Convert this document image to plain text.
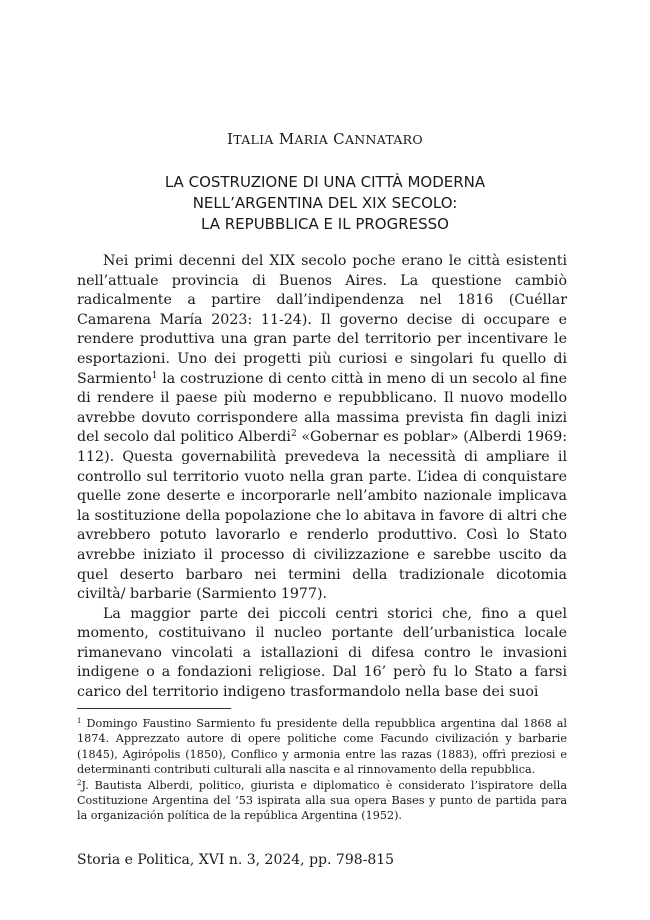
ITALIA MARIA CANNATARO
LA COSTRUZIONE DI UNA CITTÀ MODERNA
NELL’ARGENTINA DEL XIX SECOLO:
LA REPUBBLICA E IL PROGRESSO

Nei primi decenni del XIX secolo poche erano le città esistenti nell’attuale provincia di Buenos Aires. La questione cambiò radicalmente a partire dall’indipendenza nel 1816 (Cuéllar Camarena María 2023: 11-24). Il governo decise di occupare e rendere produttiva una gran parte del territorio per incentivare le esportazioni. Uno dei progetti più curiosi e singolari fu quello di Sarmiento$^1$ la costruzione di cento città in meno di un secolo al fine di rendere il paese più moderno e repubblicano. Il nuovo modello avrebbe dovuto corrispondere alla massima prevista fin dagli inizi del secolo dal politico Alberdi$^2$ «Gobernar es poblar» (Alberdi 1969: 112). Questa governabilità prevedeva la necessità di ampliare il controllo sul territorio vuoto nella gran parte. L’idea di conquistare quelle zone deserte e incorporarle nell’ambito nazionale implicava la sostituzione della popolazione che lo abitava in favore di altri che avrebbero potuto lavorarlo e renderlo produttivo. Così lo Stato avrebbe iniziato il processo di civilizzazione e sarebbe uscito da quel deserto barbaro nei termini della tradizionale dicotomia civiltà/ barbarie (Sarmiento 1977).

La maggior parte dei piccoli centri storici che, fino a quel momento, costituivano il nucleo portante dell’urbanistica locale rimanevano vincolati a istallazioni di difesa contro le invasioni indigene o a fondazioni religiose. Dal 16’ però fu lo Stato a farsi carico del territorio indigeno trasformandolo nella base dei suoi

$^1$ Domingo Faustino Sarmiento fu presidente della repubblica argentina dal 1868 al 1874. Apprezzato autore di opere politiche come Facundo civilización y barbarie (1845), Agirópolis (1850), Conflico y armonia entre las razas (1883), offrì preziosi e determinanti contributi culturali alla nascita e al rinnovamento della repubblica.

$^2$J. Bautista Alberdi, politico, giurista e diplomatico è considerato l’ispiratore della Costituzione Argentina del ’53 ispirata alla sua opera Bases y punto de partida para la organización política de la república Argentina (1952).

Storia e Politica, XVI n. 3, 2024, pp. 798-815
